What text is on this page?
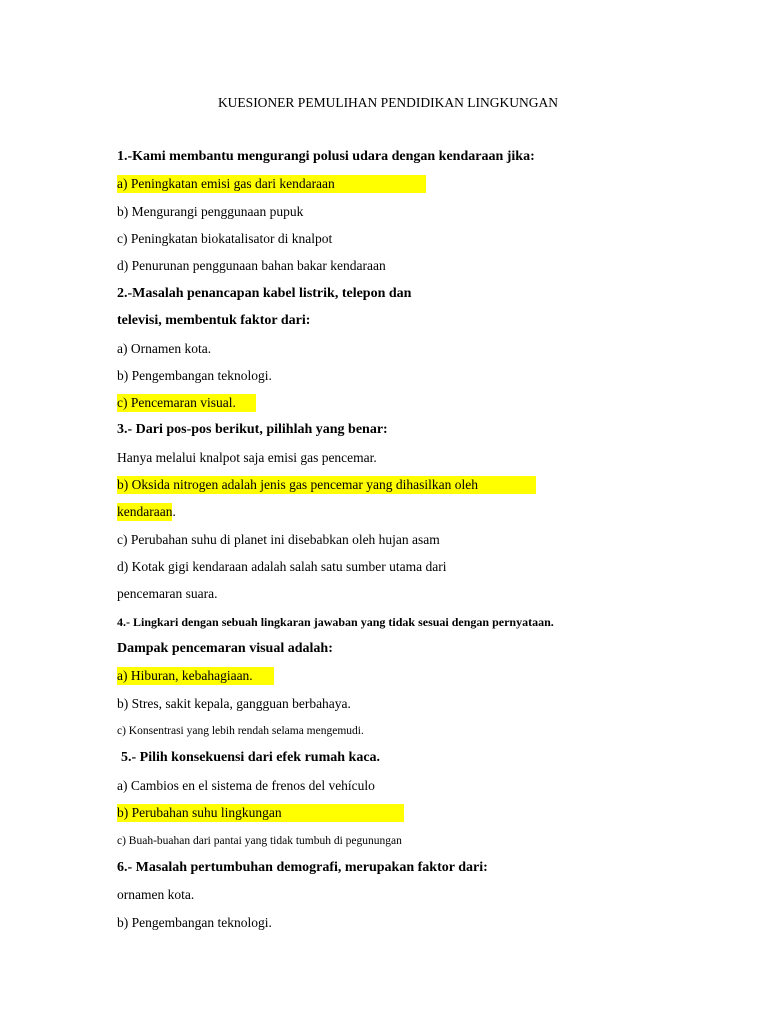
KUESIONER PEMULIHAN PENDIDIKAN LINGKUNGAN
1.-Kami membantu mengurangi polusi udara dengan kendaraan jika:
a) Peningkatan emisi gas dari kendaraan
b) Mengurangi penggunaan pupuk
c) Peningkatan biokatalisator di knalpot
d) Penurunan penggunaan bahan bakar kendaraan
2.-Masalah penancapan kabel listrik, telepon dan
televisi, membentuk faktor dari:
a) Ornamen kota.
b) Pengembangan teknologi.
c) Pencemaran visual.
3.- Dari pos-pos berikut, pilihlah yang benar:
Hanya melalui knalpot saja emisi gas pencemar.
b) Oksida nitrogen adalah jenis gas pencemar yang dihasilkan oleh
kendaraan.
c) Perubahan suhu di planet ini disebabkan oleh hujan asam
d) Kotak gigi kendaraan adalah salah satu sumber utama dari
pencemaran suara.
4.- Lingkari dengan sebuah lingkaran jawaban yang tidak sesuai dengan pernyataan.
Dampak pencemaran visual adalah:
a) Hiburan, kebahagiaan.
b) Stres, sakit kepala, gangguan berbahaya.
c) Konsentrasi yang lebih rendah selama mengemudi.
5.- Pilih konsekuensi dari efek rumah kaca.
a) Cambios en el sistema de frenos del vehículo
b) Perubahan suhu lingkungan
c) Buah-buahan dari pantai yang tidak tumbuh di pegunungan
6.- Masalah pertumbuhan demografi, merupakan faktor dari:
ornamen kota.
b) Pengembangan teknologi.
